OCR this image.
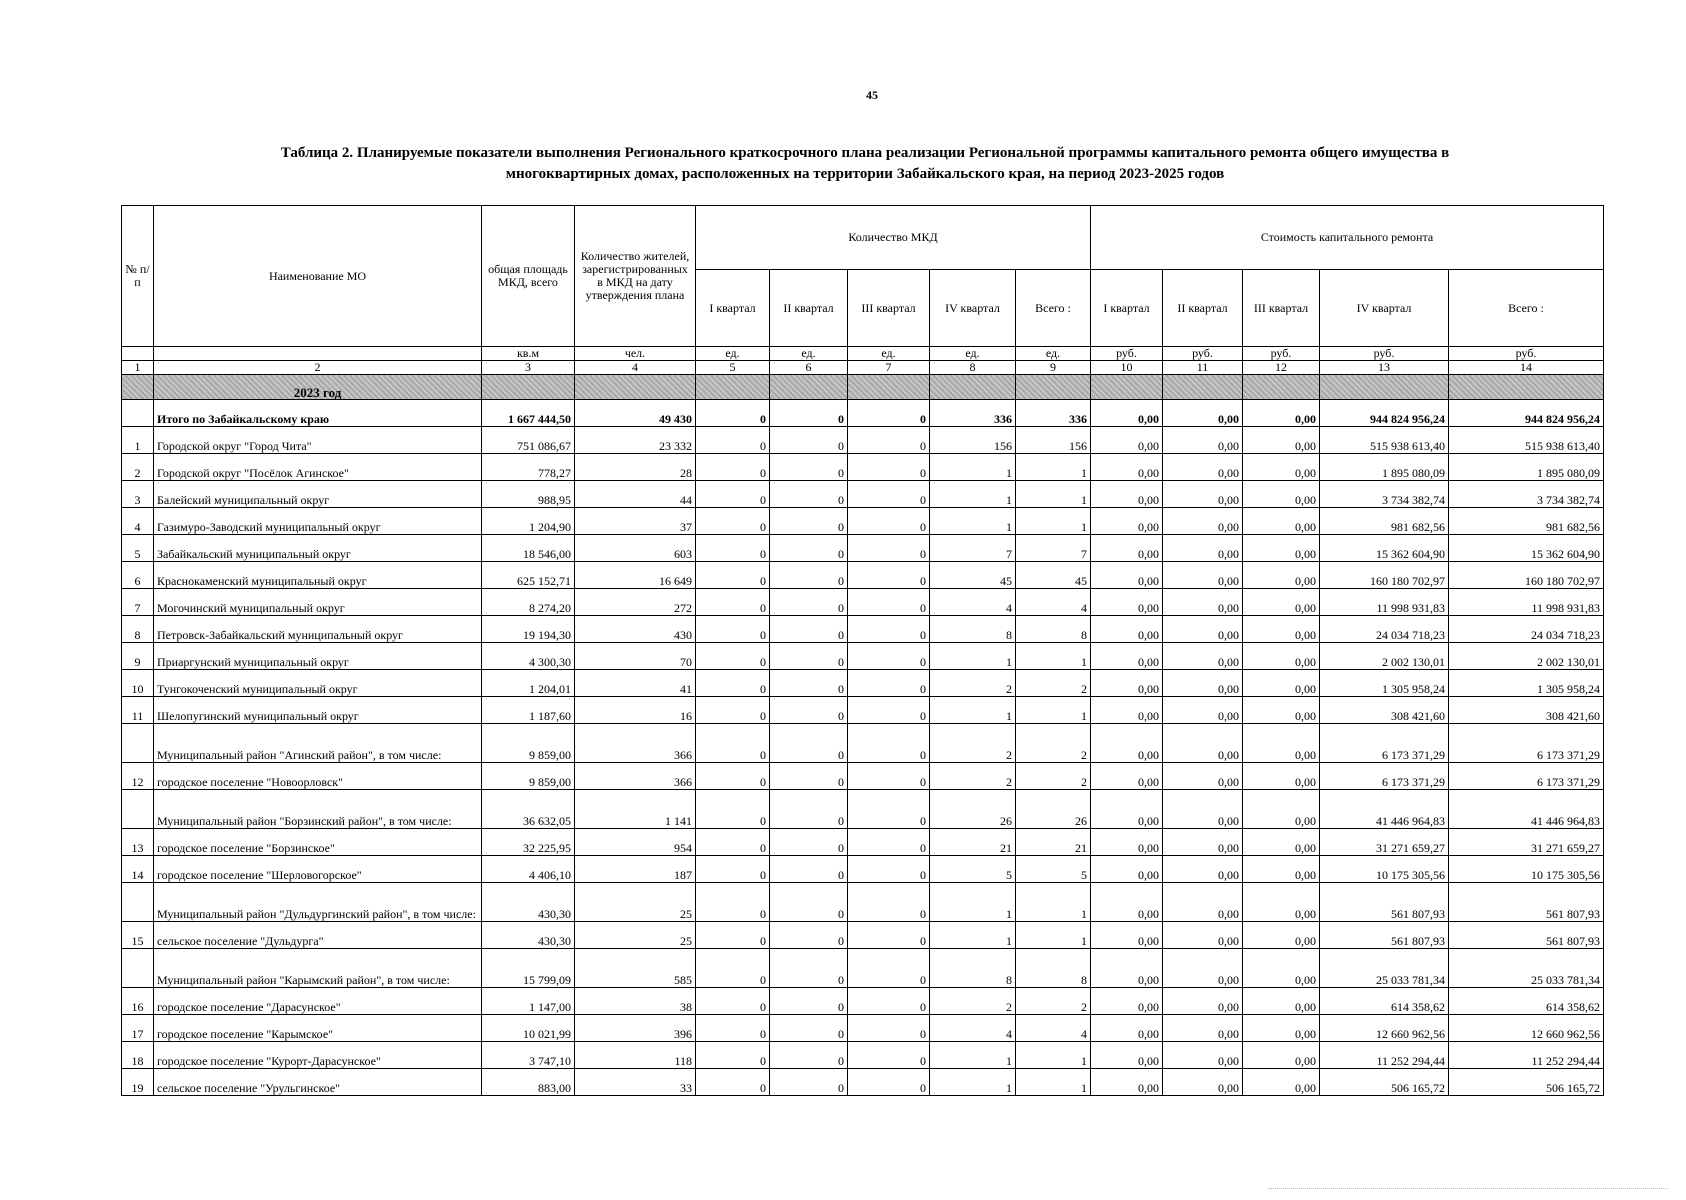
45
Таблица 2. Планируемые показатели выполнения Регионального краткосрочного плана реализации Региональной программы капитального ремонта общего имущества в
многоквартирных домах, расположенных на территории Забайкальского края, на период 2023-2025 годов
№ п/п	Наименование МО	общая площадь МКД, всего	Количество жителей, зарегистрированных в МКД на дату утверждения плана	Количество МКД					Стоимость капитального ремонта				
				I квартал	II квартал	III квартал	IV квартал	Всего :	I квартал	II квартал	III квартал	IV квартал	Всего :
		кв.м	чел.	ед.	ед.	ед.	ед.	ед.	руб.	руб.	руб.	руб.	руб.
1	2	3	4	5	6	7	8	9	10	11	12	13	14
	2023 год												
	Итого по Забайкальскому краю	1 667 444,50	49 430	0	0	0	336	336	0,00	0,00	0,00	944 824 956,24	944 824 956,24
1	Городской округ "Город Чита"	751 086,67	23 332	0	0	0	156	156	0,00	0,00	0,00	515 938 613,40	515 938 613,40
2	Городской округ "Посёлок Агинское"	778,27	28	0	0	0	1	1	0,00	0,00	0,00	1 895 080,09	1 895 080,09
3	Балейский муниципальный округ	988,95	44	0	0	0	1	1	0,00	0,00	0,00	3 734 382,74	3 734 382,74
4	Газимуро-Заводский муниципальный округ	1 204,90	37	0	0	0	1	1	0,00	0,00	0,00	981 682,56	981 682,56
5	Забайкальский муниципальный округ	18 546,00	603	0	0	0	7	7	0,00	0,00	0,00	15 362 604,90	15 362 604,90
6	Краснокаменский муниципальный округ	625 152,71	16 649	0	0	0	45	45	0,00	0,00	0,00	160 180 702,97	160 180 702,97
7	Могочинский муниципальный округ	8 274,20	272	0	0	0	4	4	0,00	0,00	0,00	11 998 931,83	11 998 931,83
8	Петровск-Забайкальский муниципальный округ	19 194,30	430	0	0	0	8	8	0,00	0,00	0,00	24 034 718,23	24 034 718,23
9	Приаргунский муниципальный округ	4 300,30	70	0	0	0	1	1	0,00	0,00	0,00	2 002 130,01	2 002 130,01
10	Тунгокоченский муниципальный округ	1 204,01	41	0	0	0	2	2	0,00	0,00	0,00	1 305 958,24	1 305 958,24
11	Шелопугинский муниципальный округ	1 187,60	16	0	0	0	1	1	0,00	0,00	0,00	308 421,60	308 421,60
	Муниципальный район "Агинский район", в том числе:	9 859,00	366	0	0	0	2	2	0,00	0,00	0,00	6 173 371,29	6 173 371,29
12	городское поселение "Новоорловск"	9 859,00	366	0	0	0	2	2	0,00	0,00	0,00	6 173 371,29	6 173 371,29
	Муниципальный район "Борзинский район", в том числе:	36 632,05	1 141	0	0	0	26	26	0,00	0,00	0,00	41 446 964,83	41 446 964,83
13	городское поселение "Борзинское"	32 225,95	954	0	0	0	21	21	0,00	0,00	0,00	31 271 659,27	31 271 659,27
14	городское поселение "Шерловогорское"	4 406,10	187	0	0	0	5	5	0,00	0,00	0,00	10 175 305,56	10 175 305,56
	Муниципальный район "Дульдургинский район", в том числе:	430,30	25	0	0	0	1	1	0,00	0,00	0,00	561 807,93	561 807,93
15	сельское поселение "Дульдурга"	430,30	25	0	0	0	1	1	0,00	0,00	0,00	561 807,93	561 807,93
	Муниципальный район "Карымский район", в том числе:	15 799,09	585	0	0	0	8	8	0,00	0,00	0,00	25 033 781,34	25 033 781,34
16	городское поселение "Дарасунское"	1 147,00	38	0	0	0	2	2	0,00	0,00	0,00	614 358,62	614 358,62
17	городское поселение "Карымское"	10 021,99	396	0	0	0	4	4	0,00	0,00	0,00	12 660 962,56	12 660 962,56
18	городское поселение "Курорт-Дарасунское"	3 747,10	118	0	0	0	1	1	0,00	0,00	0,00	11 252 294,44	11 252 294,44
19	сельское поселение "Урульгинское"	883,00	33	0	0	0	1	1	0,00	0,00	0,00	506 165,72	506 165,72
